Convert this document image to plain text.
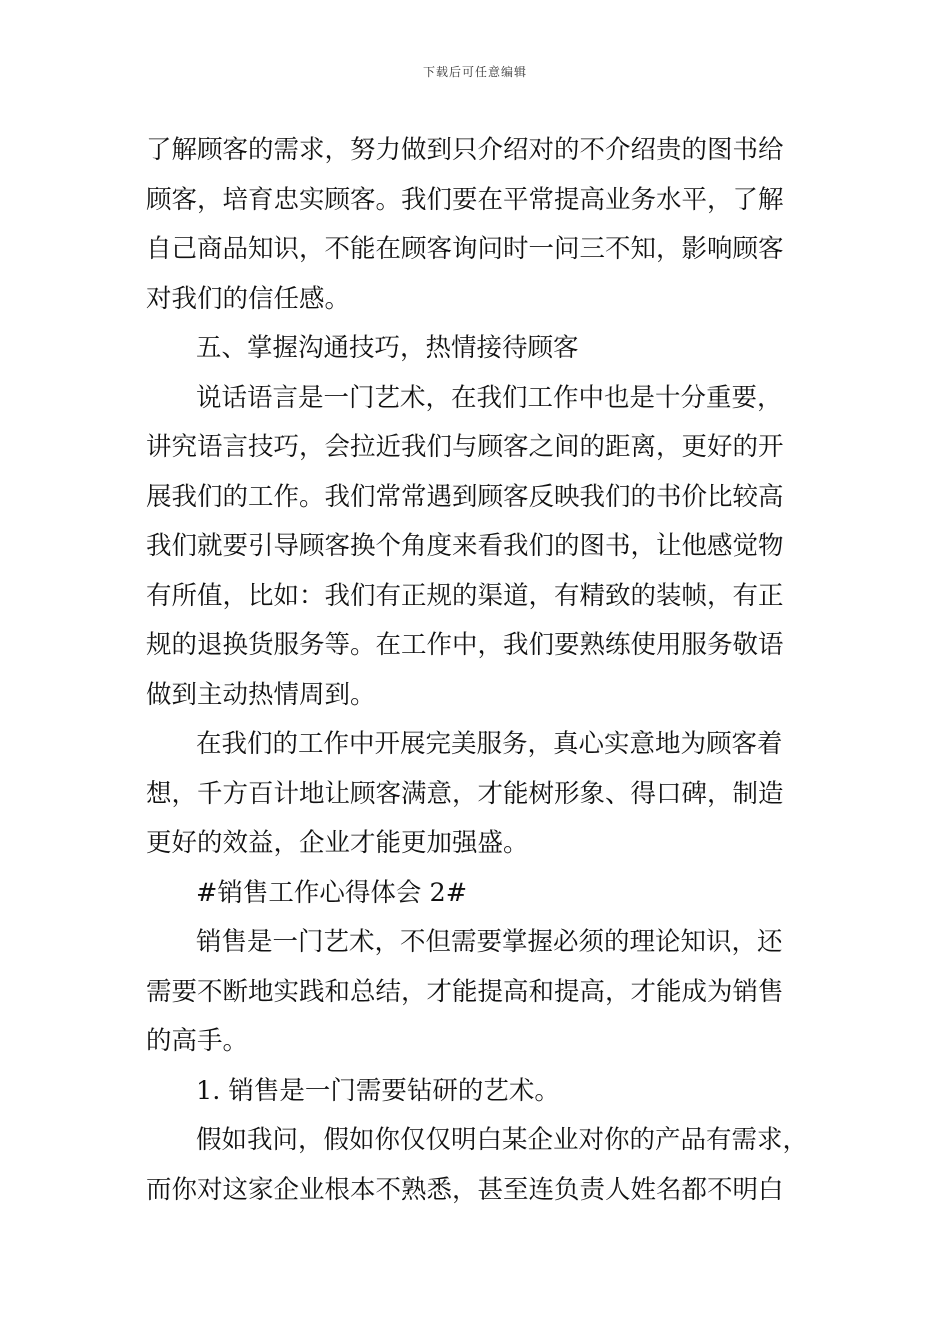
下载后可任意编辑
了解顾客的需求，努力做到只介绍对的不介绍贵的图书给
顾客，培育忠实顾客。我们要在平常提高业务水平，了解
自己商品知识，不能在顾客询问时一问三不知，影响顾客
对我们的信任感。
五、掌握沟通技巧，热情接待顾客
说话语言是一门艺术，在我们工作中也是十分重要，
讲究语言技巧，会拉近我们与顾客之间的距离，更好的开
展我们的工作。我们常常遇到顾客反映我们的书价比较高
我们就要引导顾客换个角度来看我们的图书，让他感觉物
有所值，比如：我们有正规的渠道，有精致的装帧，有正
规的退换货服务等。在工作中，我们要熟练使用服务敬语
做到主动热情周到。
在我们的工作中开展完美服务，真心实意地为顾客着
想，千方百计地让顾客满意，才能树形象、得口碑，制造
更好的效益，企业才能更加强盛。
#销售工作心得体会 2#
销售是一门艺术，不但需要掌握必须的理论知识，还
需要不断地实践和总结，才能提高和提高，才能成为销售
的高手。
1. 销售是一门需要钻研的艺术。
假如我问，假如你仅仅明白某企业对你的产品有需求，
而你对这家企业根本不熟悉，甚至连负责人姓名都不明白
